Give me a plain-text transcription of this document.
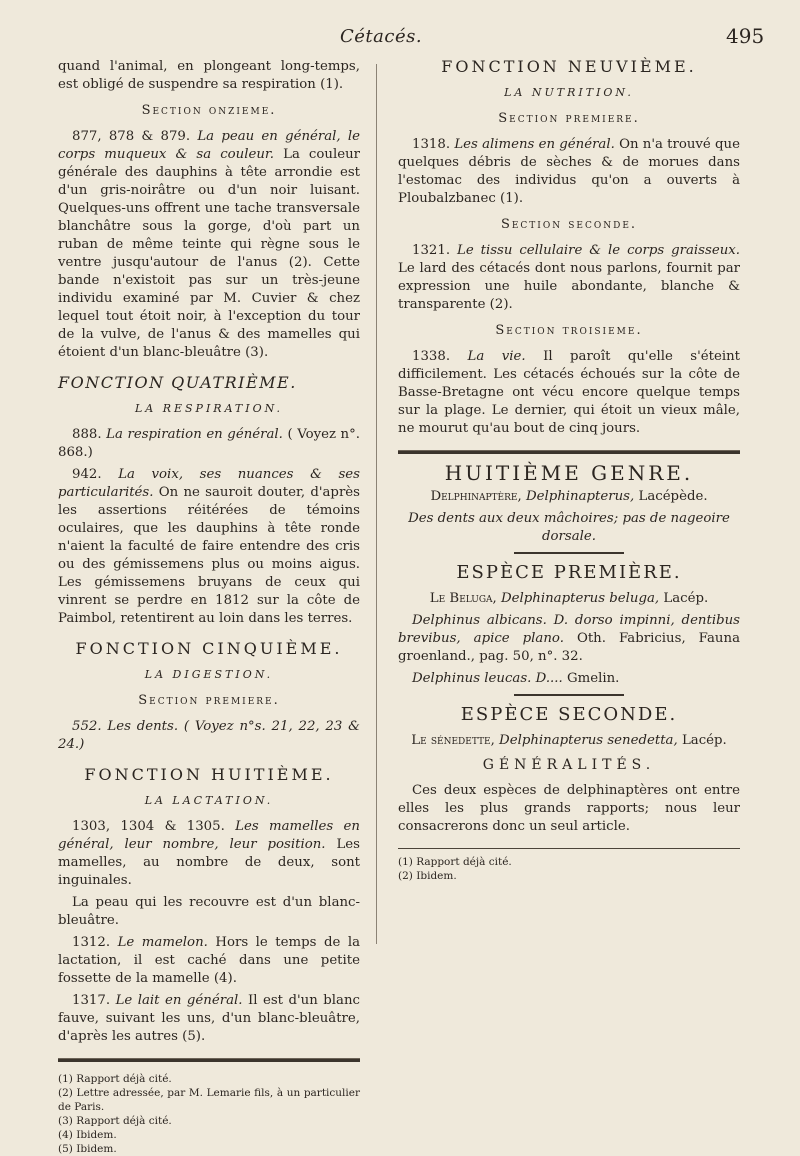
Cétacés.	495

quand l'animal, en plongeant long-temps, est obligé de suspendre sa respiration (1).

Section onzieme.

877, 878 & 879. La peau en général, le corps muqueux & sa couleur. La couleur générale des dauphins à tête arrondie est d'un gris-noirâtre ou d'un noir luisant. Quelques-uns offrent une tache transversale blanchâtre sous la gorge, d'où part un ruban de même teinte qui règne sous le ventre jusqu'autour de l'anus (2). Cette bande n'existoit pas sur un très-jeune individu examiné par M. Cuvier & chez lequel tout étoit noir, à l'exception du tour de la vulve, de l'anus & des mamelles qui étoient d'un blanc-bleuâtre (3).

FONCTION QUATRIÈME.
LA RESPIRATION.

888. La respiration en général. ( Voyez n°. 868.)

942. La voix, ses nuances & ses particularités. On ne sauroit douter, d'après les assertions réitérées de témoins oculaires, que les dauphins à tête ronde n'aient la faculté de faire entendre des cris ou des gémissemens plus ou moins aigus. Les gémissemens bruyans de ceux qui vinrent se perdre en 1812 sur la côte de Paimbol, retentirent au loin dans les terres.

FONCTION CINQUIÈME.
LA DIGESTION.
Section premiere.

552. Les dents. ( Voyez n°s. 21, 22, 23 & 24.)

FONCTION HUITIÈME.
LA LACTATION.

1303, 1304 & 1305. Les mamelles en général, leur nombre, leur position. Les mamelles, au nombre de deux, sont inguinales.

La peau qui les recouvre est d'un blanc-bleuâtre.

1312. Le mamelon. Hors le temps de la lactation, il est caché dans une petite fossette de la mamelle (4).

1317. Le lait en général. Il est d'un blanc fauve, suivant les uns, d'un blanc-bleuâtre, d'après les autres (5).

(1) Rapport déjà cité.
(2) Lettre adressée, par M. Lemarie fils, à un particulier de Paris.
(3) Rapport déjà cité.
(4) Ibidem.
(5) Ibidem.
FONCTION NEUVIÈME.
LA NUTRITION.
Section premiere.

1318. Les alimens en général. On n'a trouvé que quelques débris de sèches & de morues dans l'estomac des individus qu'on a ouverts à Ploubalzbanec (1).

Section seconde.

1321. Le tissu cellulaire & le corps graisseux. Le lard des cétacés dont nous parlons, fournit par expression une huile abondante, blanche & transparente (2).

Section troisieme.

1338. La vie. Il paroît qu'elle s'éteint difficilement. Les cétacés échoués sur la côte de Basse-Bretagne ont vécu encore quelque temps sur la plage. Le dernier, qui étoit un vieux mâle, ne mourut qu'au bout de cinq jours.

HUITIÈME GENRE.

Delphinaptère, Delphinapterus, Lacépède.

Des dents aux deux mâchoires; pas de nageoire dorsale.
ESPÈCE PREMIÈRE.

Le Beluga, Delphinapterus beluga, Lacép.

Delphinus albicans. D. dorso impinni, dentibus brevibus, apice plano. Oth. Fabricius, Fauna groenland., pag. 50, n°. 32.

Delphinus leucas. D.... Gmelin.

ESPÈCE SECONDE.

Le sénedette, Delphinapterus senedetta, Lacép.

GÉNÉRALITÉS.

Ces deux espèces de delphinaptères ont entre elles les plus grands rapports; nous leur consacrerons donc un seul article.

(1) Rapport déjà cité.
(2) Ibidem.
